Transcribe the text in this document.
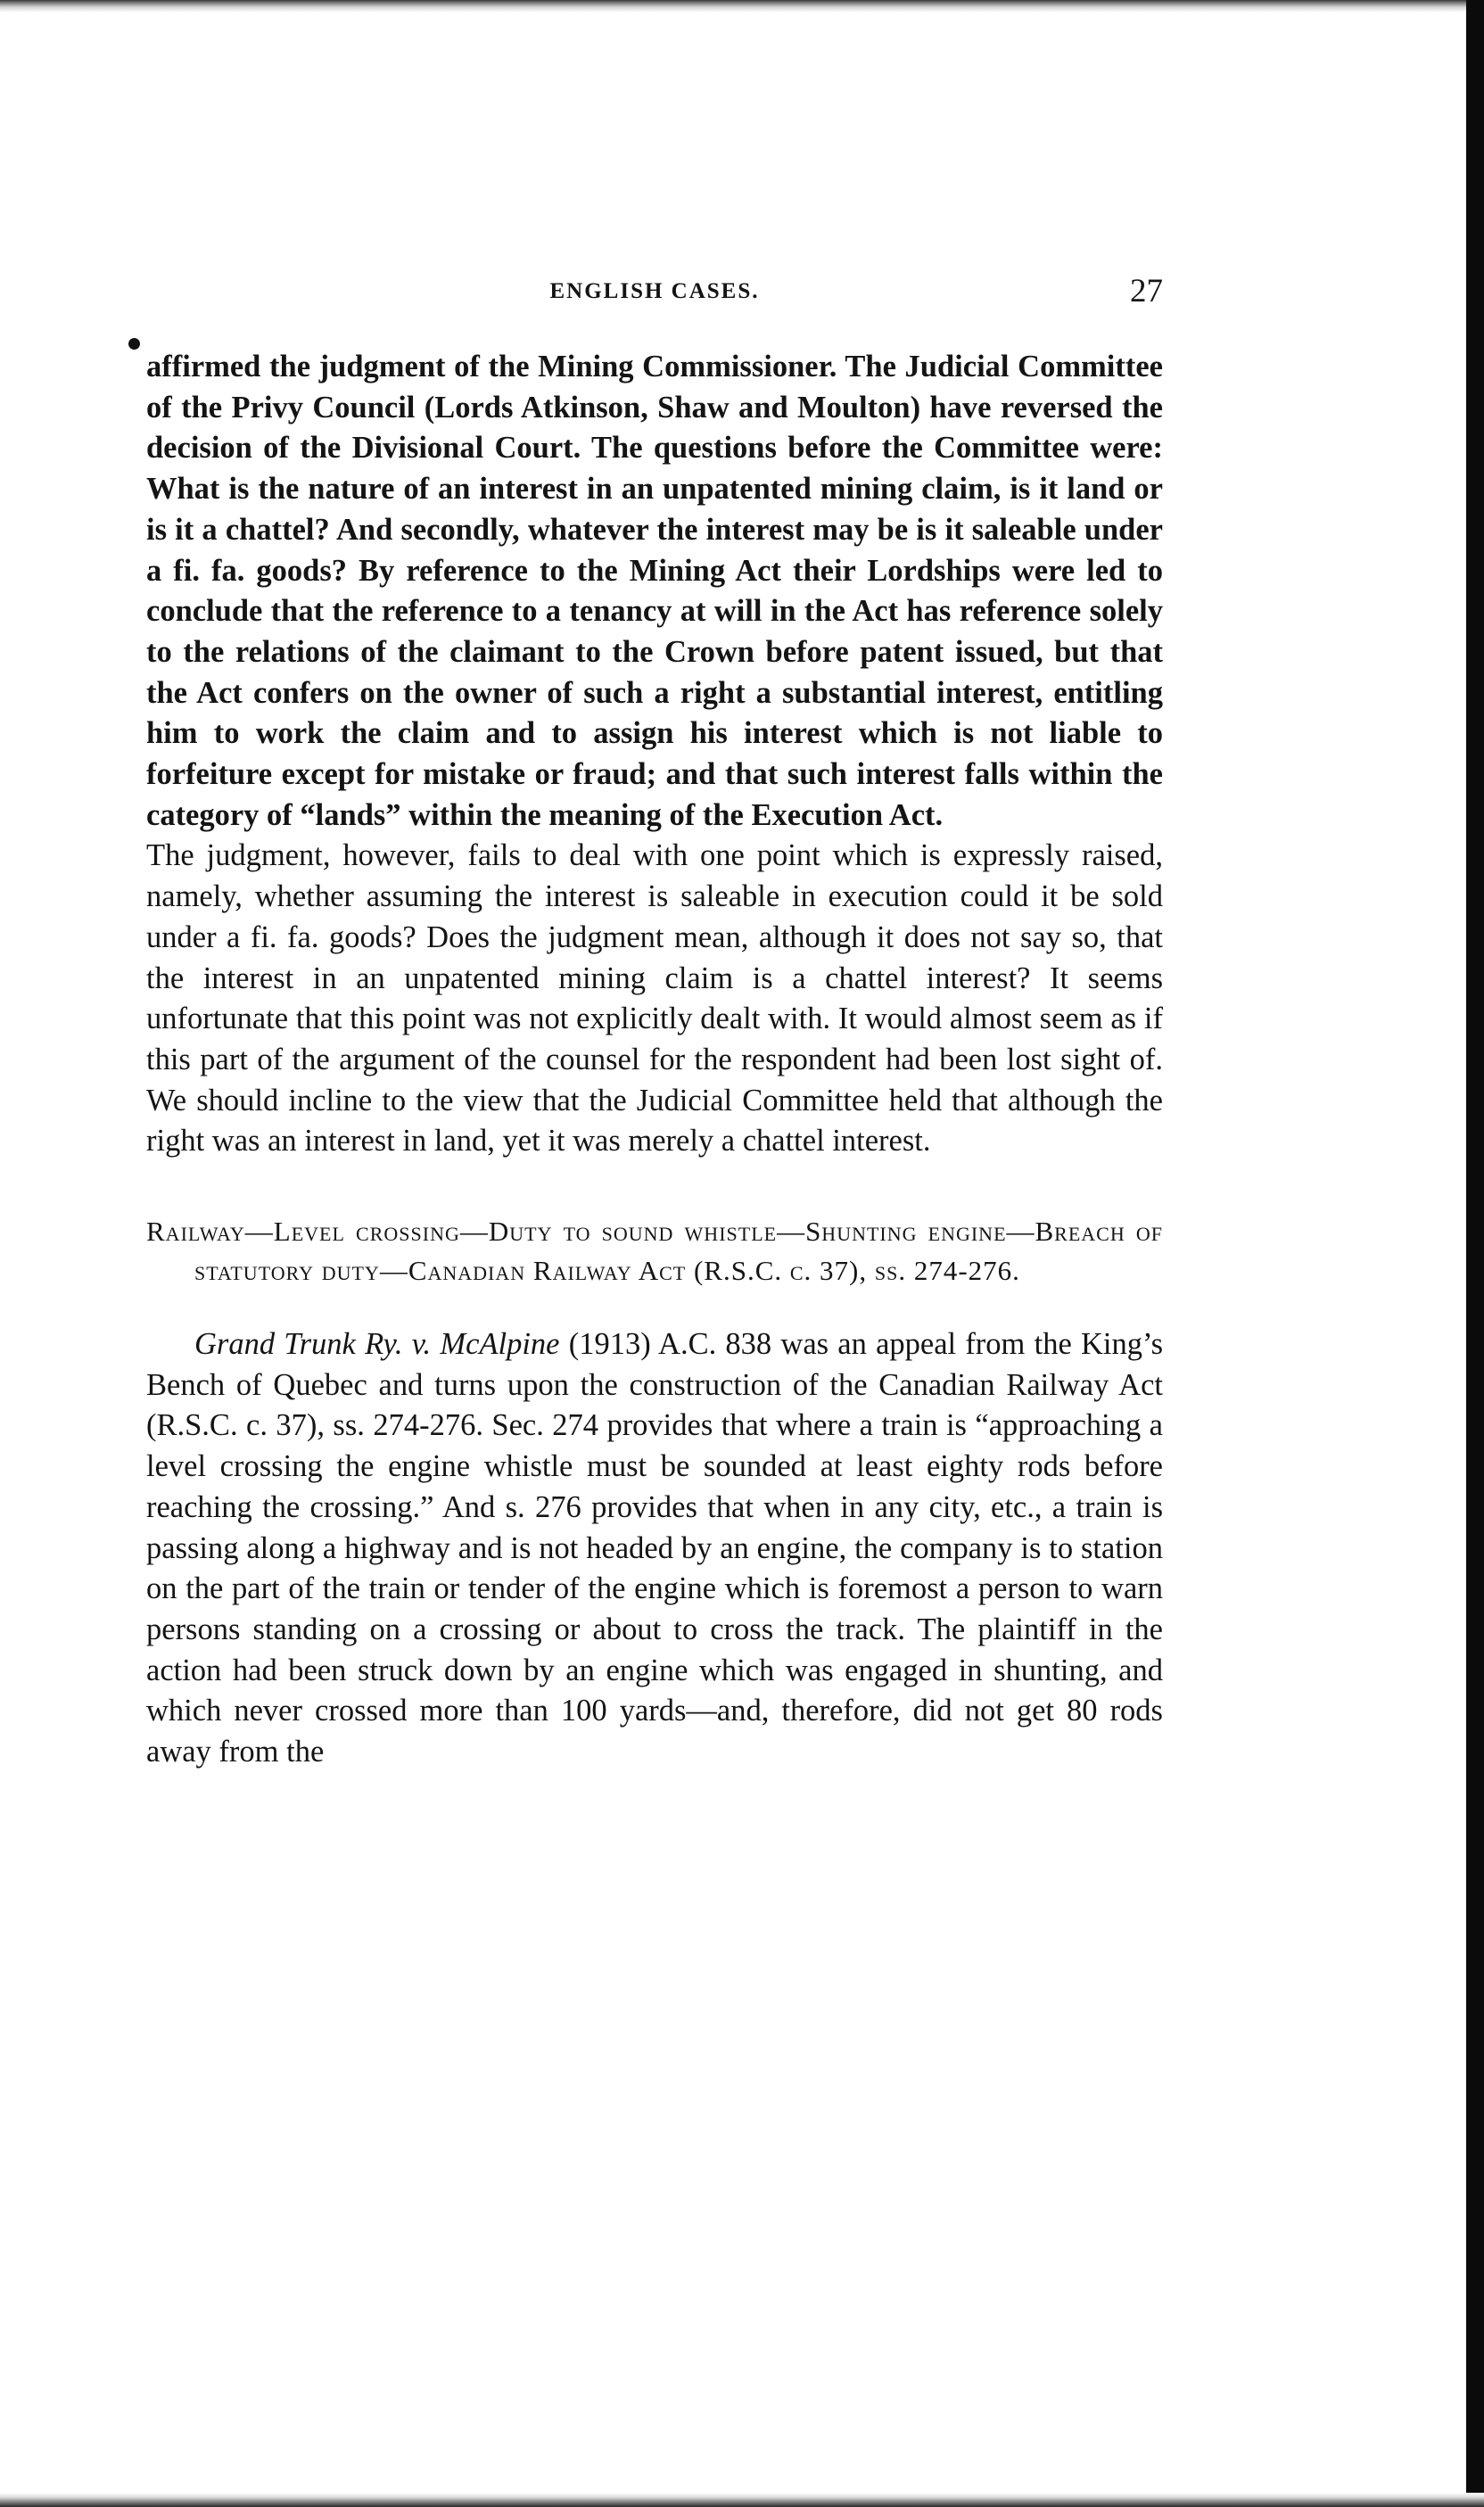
ENGLISH CASES.	27

affirmed the judgment of the Mining Commissioner. The Judicial Committee of the Privy Council (Lords Atkinson, Shaw and Moulton) have reversed the decision of the Divisional Court. The questions before the Committee were: What is the nature of an interest in an unpatented mining claim, is it land or is it a chattel? And secondly, whatever the interest may be is it saleable under a fi. fa. goods? By reference to the Mining Act their Lordships were led to conclude that the reference to a tenancy at will in the Act has reference solely to the relations of the claimant to the Crown before patent issued, but that the Act confers on the owner of such a right a substantial interest, entitling him to work the claim and to assign his interest which is not liable to forfeiture except for mistake or fraud; and that such interest falls within the category of “lands” within the meaning of the Execution Act.

The judgment, however, fails to deal with one point which is expressly raised, namely, whether assuming the interest is saleable in execution could it be sold under a fi. fa. goods? Does the judgment mean, although it does not say so, that the interest in an unpatented mining claim is a chattel interest? It seems unfortunate that this point was not explicitly dealt with. It would almost seem as if this part of the argument of the counsel for the respondent had been lost sight of. We should incline to the view that the Judicial Committee held that although the right was an interest in land, yet it was merely a chattel interest.

Railway—Level crossing—Duty to sound whistle—Shunting engine—Breach of statutory duty—Canadian Railway Act (R.S.C. c. 37), ss. 274-276.

Grand Trunk Ry. v. McAlpine (1913) A.C. 838 was an appeal from the King’s Bench of Quebec and turns upon the construction of the Canadian Railway Act (R.S.C. c. 37), ss. 274-276. Sec. 274 provides that where a train is “approaching a level crossing the engine whistle must be sounded at least eighty rods before reaching the crossing.” And s. 276 provides that when in any city, etc., a train is passing along a highway and is not headed by an engine, the company is to station on the part of the train or tender of the engine which is foremost a person to warn persons standing on a crossing or about to cross the track. The plaintiff in the action had been struck down by an engine which was engaged in shunting, and which never crossed more than 100 yards—and, therefore, did not get 80 rods away from the
